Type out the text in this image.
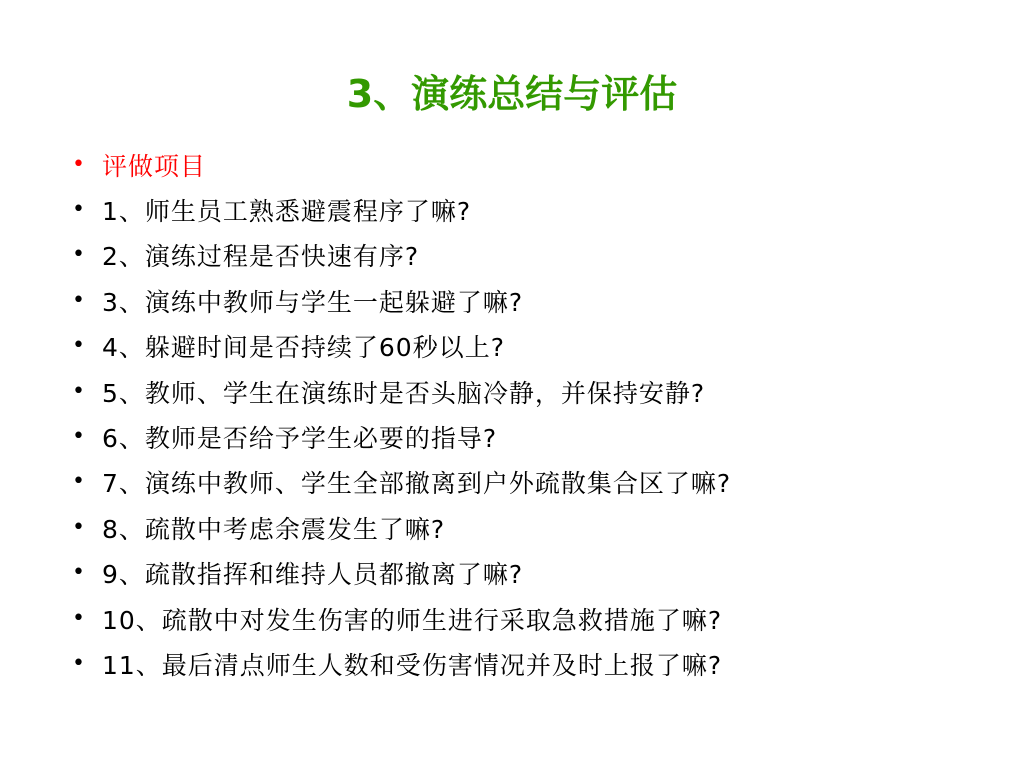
3、演练总结与评估
• 评做项目
• 1、师生员工熟悉避震程序了嘛?
• 2、演练过程是否快速有序?
• 3、演练中教师与学生一起躲避了嘛?
• 4、躲避时间是否持续了60秒以上?
• 5、教师、学生在演练时是否头脑冷静，并保持安静?
• 6、教师是否给予学生必要的指导?
• 7、演练中教师、学生全部撤离到户外疏散集合区了嘛?
• 8、疏散中考虑余震发生了嘛?
• 9、疏散指挥和维持人员都撤离了嘛?
• 10、疏散中对发生伤害的师生进行采取急救措施了嘛?
• 11、最后清点师生人数和受伤害情况并及时上报了嘛?
